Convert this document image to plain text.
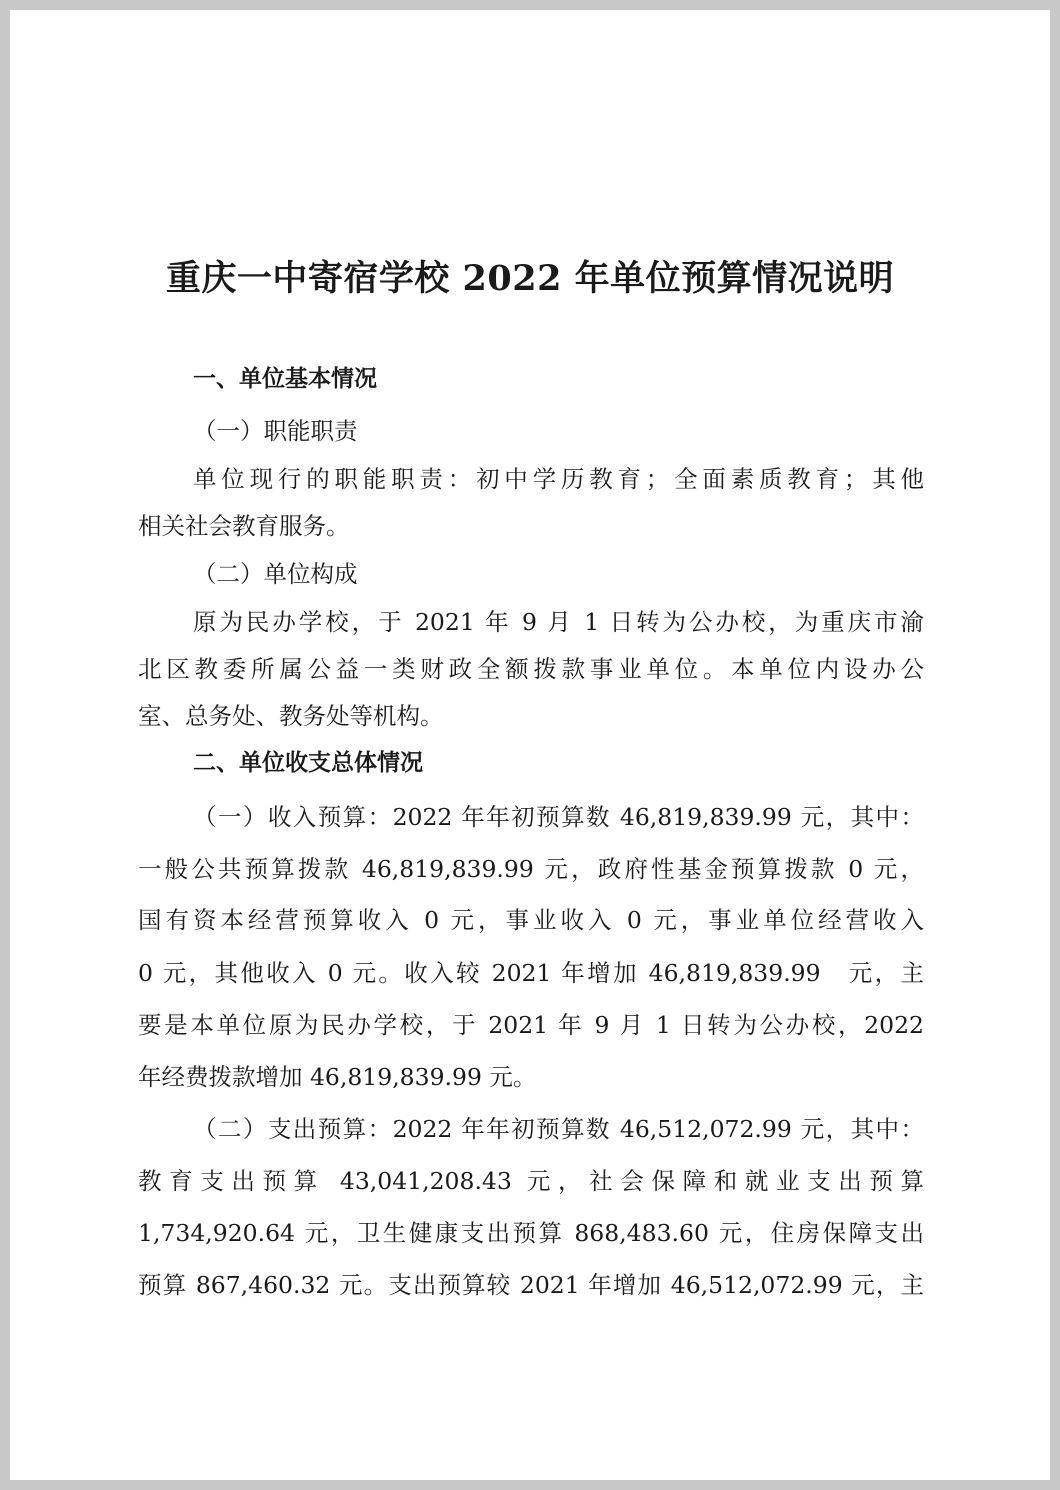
重庆一中寄宿学校 2022 年单位预算情况说明
一、单位基本情况
（一）职能职责
单位现行的职能职责：初中学历教育；全面素质教育；其他
相关社会教育服务。
（二）单位构成
原为民办学校，于 2021 年 9 月 1 日转为公办校，为重庆市渝
北区教委所属公益一类财政全额拨款事业单位。本单位内设办公
室、总务处、教务处等机构。
二、单位收支总体情况
（一）收入预算：2022 年年初预算数 46,819,839.99 元，其中：
一般公共预算拨款 46,819,839.99 元，政府性基金预算拨款 0 元，
国有资本经营预算收入 0 元，事业收入 0 元，事业单位经营收入
0 元，其他收入 0 元。收入较 2021 年增加 46,819,839.99　元，主
要是本单位原为民办学校，于 2021 年 9 月 1 日转为公办校，2022
年经费拨款增加 46,819,839.99 元。
（二）支出预算：2022 年年初预算数 46,512,072.99 元，其中：
教育支出预算 43,041,208.43 元，社会保障和就业支出预算
1,734,920.64 元，卫生健康支出预算 868,483.60 元，住房保障支出
预算 867,460.32 元。支出预算较 2021 年增加 46,512,072.99 元，主
